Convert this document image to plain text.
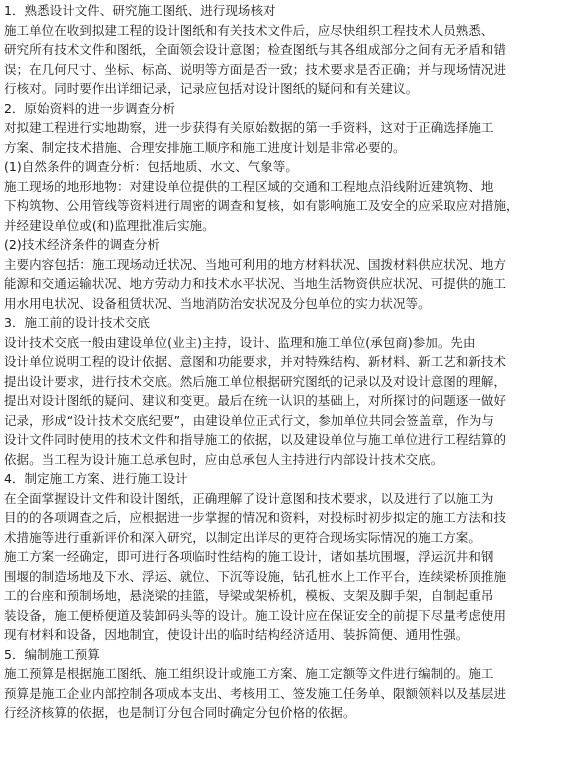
1．熟悉设计文件、研究施工图纸、进行现场核对
施工单位在收到拟建工程的设计图纸和有关技术文件后，应尽快组织工程技术人员熟悉、
研究所有技术文件和图纸，全面领会设计意图；检查图纸与其各组成部分之间有无矛盾和错
误；在几何尺寸、坐标、标高、说明等方面是否一致；技术要求是否正确；并与现场情况进
行核对。同时要作出详细记录，记录应包括对设计图纸的疑问和有关建议。
2．原始资料的进一步调查分析
对拟建工程进行实地勘察，进一步获得有关原始数据的第一手资料，这对于正确选择施工
方案、制定技术措施、合理安排施工顺序和施工进度计划是非常必要的。
(1)自然条件的调查分析：包括地质、水文、气象等。
施工现场的地形地物：对建设单位提供的工程区域的交通和工程地点沿线附近建筑物、地
下构筑物、公用管线等资料进行周密的调查和复核，如有影响施工及安全的应采取应对措施，
并经建设单位或(和)监理批准后实施。
(2)技术经济条件的调查分析
主要内容包括：施工现场动迁状况、当地可利用的地方材料状况、国拨材料供应状况、地方
能源和交通运输状况、地方劳动力和技术水平状况、当地生活物资供应状况、可提供的施工
用水用电状况、设备租赁状况、当地消防治安状况及分包单位的实力状况等。
3．施工前的设计技术交底
设计技术交底一般由建设单位(业主)主持，设计、监理和施工单位(承包商)参加。先由
设计单位说明工程的设计依据、意图和功能要求，并对特殊结构、新材料、新工艺和新技术
提出设计要求，进行技术交底。然后施工单位根据研究图纸的记录以及对设计意图的理解，
提出对设计图纸的疑问、建议和变更。最后在统一认识的基础上，对所探讨的问题逐一做好
记录，形成“设计技术交底纪要”，由建设单位正式行文，参加单位共同会签盖章，作为与
设计文件同时使用的技术文件和指导施工的依据，以及建设单位与施工单位进行工程结算的
依据。当工程为设计施工总承包时，应由总承包人主持进行内部设计技术交底。
4．制定施工方案、进行施工设计
在全面掌握设计文件和设计图纸，正确理解了设计意图和技术要求，以及进行了以施工为
目的的各项调查之后，应根据进一步掌握的情况和资料，对投标时初步拟定的施工方法和技
术措施等进行重新评价和深入研究，以制定出详尽的更符合现场实际情况的施工方案。
施工方案一经确定，即可进行各项临时性结构的施工设计，诸如基坑围堰，浮运沉井和钢
围堰的制造场地及下水、浮运、就位、下沉等设施，钻孔桩水上工作平台，连续梁桥顶推施
工的台座和预制场地，悬浇梁的挂篮，导梁或架桥机，模板、支架及脚手架，自制起重吊
装设备，施工便桥便道及装卸码头等的设计。施工设计应在保证安全的前提下尽量考虑使用
现有材料和设备，因地制宜，使设计出的临时结构经济适用、装拆简便、通用性强。
5．编制施工预算
施工预算是根据施工图纸、施工组织设计或施工方案、施工定额等文件进行编制的。施工
预算是施工企业内部控制各项成本支出、考核用工、签发施工任务单、限额领料以及基层进
行经济核算的依据，也是制订分包合同时确定分包价格的依据。
